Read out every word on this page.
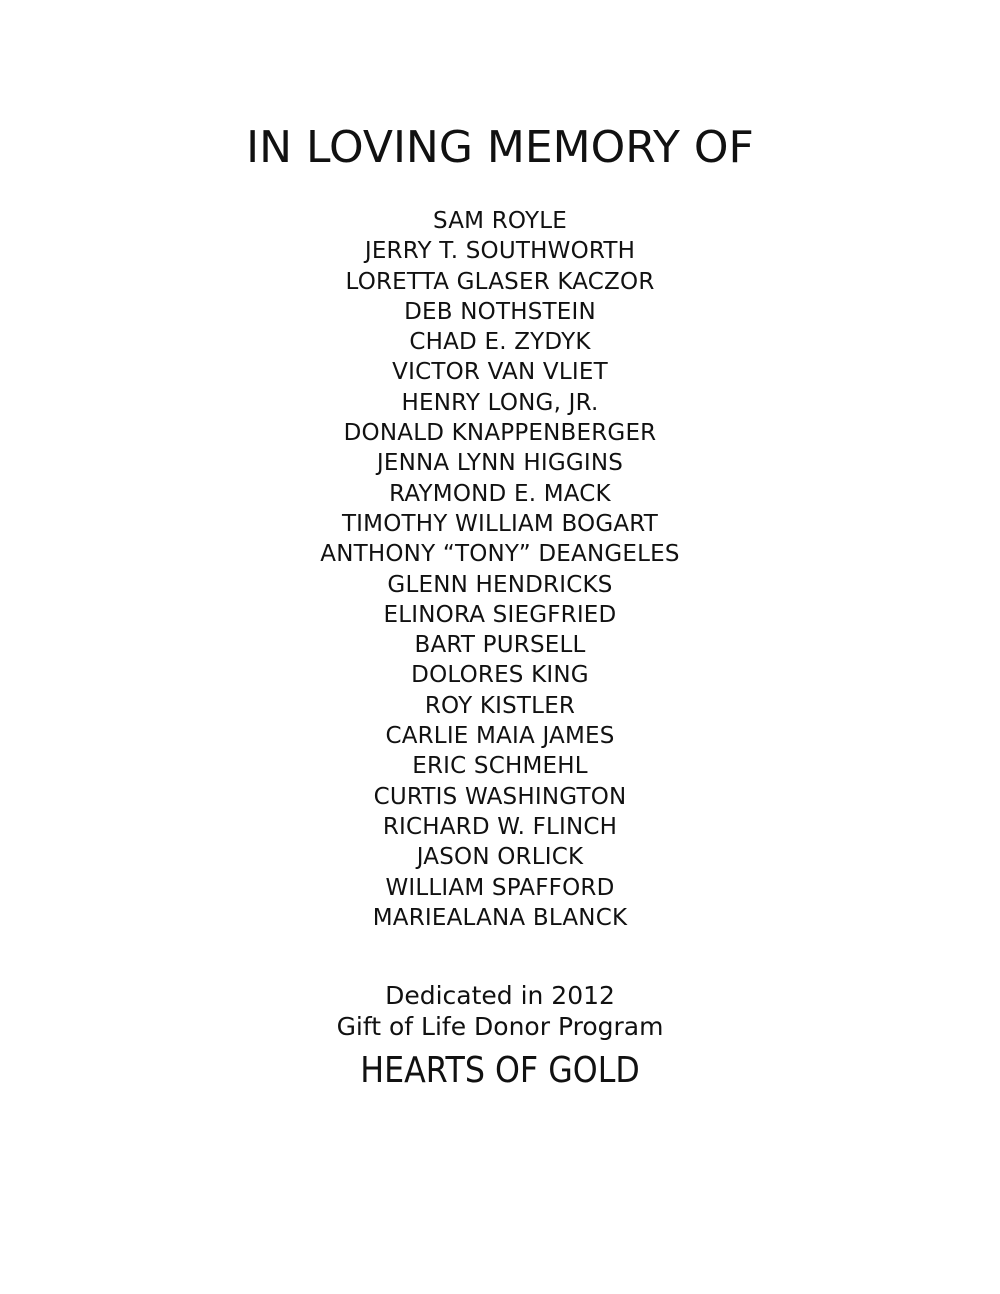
IN LOVING MEMORY OF
SAM ROYLE
JERRY T. SOUTHWORTH
LORETTA GLASER KACZOR
DEB NOTHSTEIN
CHAD E. ZYDYK
VICTOR VAN VLIET
HENRY LONG, JR.
DONALD KNAPPENBERGER
JENNA LYNN HIGGINS
RAYMOND E. MACK
TIMOTHY WILLIAM BOGART
ANTHONY “TONY” DEANGELES
GLENN HENDRICKS
ELINORA SIEGFRIED
BART PURSELL
DOLORES KING
ROY KISTLER
CARLIE MAIA JAMES
ERIC SCHMEHL
CURTIS WASHINGTON
RICHARD W. FLINCH
JASON ORLICK
WILLIAM SPAFFORD
MARIEALANA BLANCK
Dedicated in 2012
Gift of Life Donor Program
HEARTS OF GOLD
